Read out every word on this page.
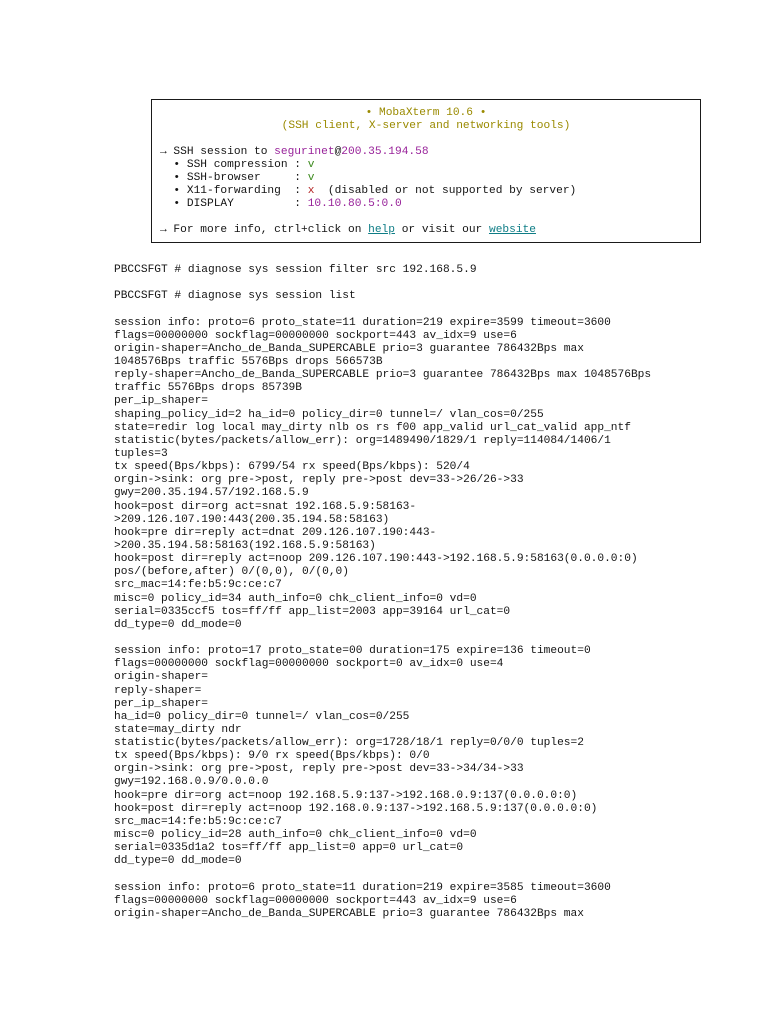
• MobaXterm 10.6 •
(SSH client, X-server and networking tools)
→ SSH session to segurinet@200.35.194.58
• SSH compression : v
• SSH-browser     : v
• X11-forwarding  : x  (disabled or not supported by server)
• DISPLAY         : 10.10.80.5:0.0
→ For more info, ctrl+click on help or visit our website
PBCCSFGT # diagnose sys session filter src 192.168.5.9
PBCCSFGT # diagnose sys session list
session info: proto=6 proto_state=11 duration=219 expire=3599 timeout=3600
flags=00000000 sockflag=00000000 sockport=443 av_idx=9 use=6
origin-shaper=Ancho_de_Banda_SUPERCABLE prio=3 guarantee 786432Bps max
1048576Bps traffic 5576Bps drops 566573B
reply-shaper=Ancho_de_Banda_SUPERCABLE prio=3 guarantee 786432Bps max 1048576Bps
traffic 5576Bps drops 85739B
per_ip_shaper=
shaping_policy_id=2 ha_id=0 policy_dir=0 tunnel=/ vlan_cos=0/255
state=redir log local may_dirty nlb os rs f00 app_valid url_cat_valid app_ntf
statistic(bytes/packets/allow_err): org=1489490/1829/1 reply=114084/1406/1
tuples=3
tx speed(Bps/kbps): 6799/54 rx speed(Bps/kbps): 520/4
orgin->sink: org pre->post, reply pre->post dev=33->26/26->33
gwy=200.35.194.57/192.168.5.9
hook=post dir=org act=snat 192.168.5.9:58163-
>209.126.107.190:443(200.35.194.58:58163)
hook=pre dir=reply act=dnat 209.126.107.190:443-
>200.35.194.58:58163(192.168.5.9:58163)
hook=post dir=reply act=noop 209.126.107.190:443->192.168.5.9:58163(0.0.0.0:0)
pos/(before,after) 0/(0,0), 0/(0,0)
src_mac=14:fe:b5:9c:ce:c7
misc=0 policy_id=34 auth_info=0 chk_client_info=0 vd=0
serial=0335ccf5 tos=ff/ff app_list=2003 app=39164 url_cat=0
dd_type=0 dd_mode=0
session info: proto=17 proto_state=00 duration=175 expire=136 timeout=0
flags=00000000 sockflag=00000000 sockport=0 av_idx=0 use=4
origin-shaper=
reply-shaper=
per_ip_shaper=
ha_id=0 policy_dir=0 tunnel=/ vlan_cos=0/255
state=may_dirty ndr
statistic(bytes/packets/allow_err): org=1728/18/1 reply=0/0/0 tuples=2
tx speed(Bps/kbps): 9/0 rx speed(Bps/kbps): 0/0
orgin->sink: org pre->post, reply pre->post dev=33->34/34->33
gwy=192.168.0.9/0.0.0.0
hook=pre dir=org act=noop 192.168.5.9:137->192.168.0.9:137(0.0.0.0:0)
hook=post dir=reply act=noop 192.168.0.9:137->192.168.5.9:137(0.0.0.0:0)
src_mac=14:fe:b5:9c:ce:c7
misc=0 policy_id=28 auth_info=0 chk_client_info=0 vd=0
serial=0335d1a2 tos=ff/ff app_list=0 app=0 url_cat=0
dd_type=0 dd_mode=0
session info: proto=6 proto_state=11 duration=219 expire=3585 timeout=3600
flags=00000000 sockflag=00000000 sockport=443 av_idx=9 use=6
origin-shaper=Ancho_de_Banda_SUPERCABLE prio=3 guarantee 786432Bps max
